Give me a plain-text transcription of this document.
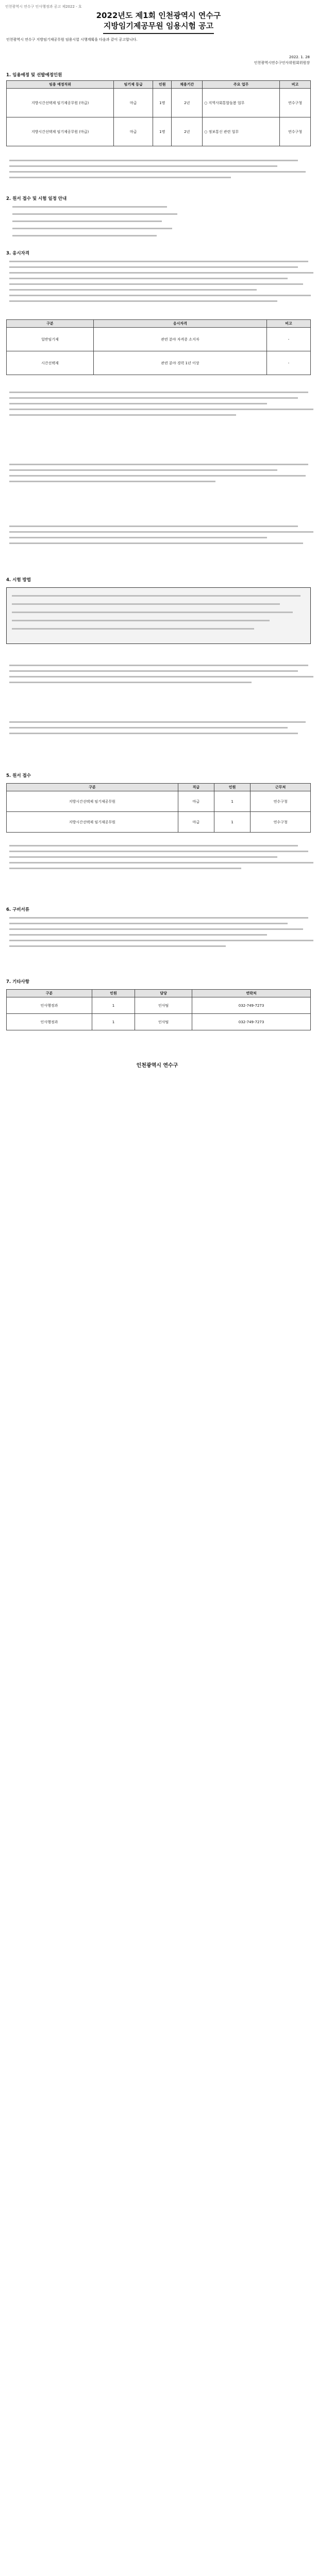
인천광역시 연수구 인사행정과 공고 제2022 - 호
2022년도 제1회 인천광역시 연수구
지방임기제공무원 임용시험 공고
인천광역시 연수구 지방임기제공무원 임용시험 시행계획을 다음과 같이 공고합니다.
2022. 1. 28
인천광역시연수구인사위원회위원장
1. 임용예정 및 선발예정인원
임용 예정직위	임기제 등급	인원	채용기간	주요 업무	비고
지방시간선택제 임기제공무원 (마급)	마급	1명	2년	○ 지역사회통합돌봄 업무	연수구청
지방시간선택제 임기제공무원 (마급)	마급	1명	2년	○ 정보통신 관련 업무	연수구청
2. 원서 접수 및 시험 일정 안내
3. 응시자격
구분	응시자격	비고
일반임기제	관련 분야 자격증 소지자	-
시간선택제	관련 분야 경력 1년 이상	-
4. 시험 방법
5. 원서 접수
구분	직급	인원	근무처
지방시간선택제 임기제공무원	마급	1	연수구청
지방시간선택제 임기제공무원	마급	1	연수구청
6. 구비서류
7. 기타사항
구분	인원	담당	연락처
인사행정과	1	인사팀	032-749-7273
인사행정과	1	인사팀	032-749-7273
인천광역시 연수구
